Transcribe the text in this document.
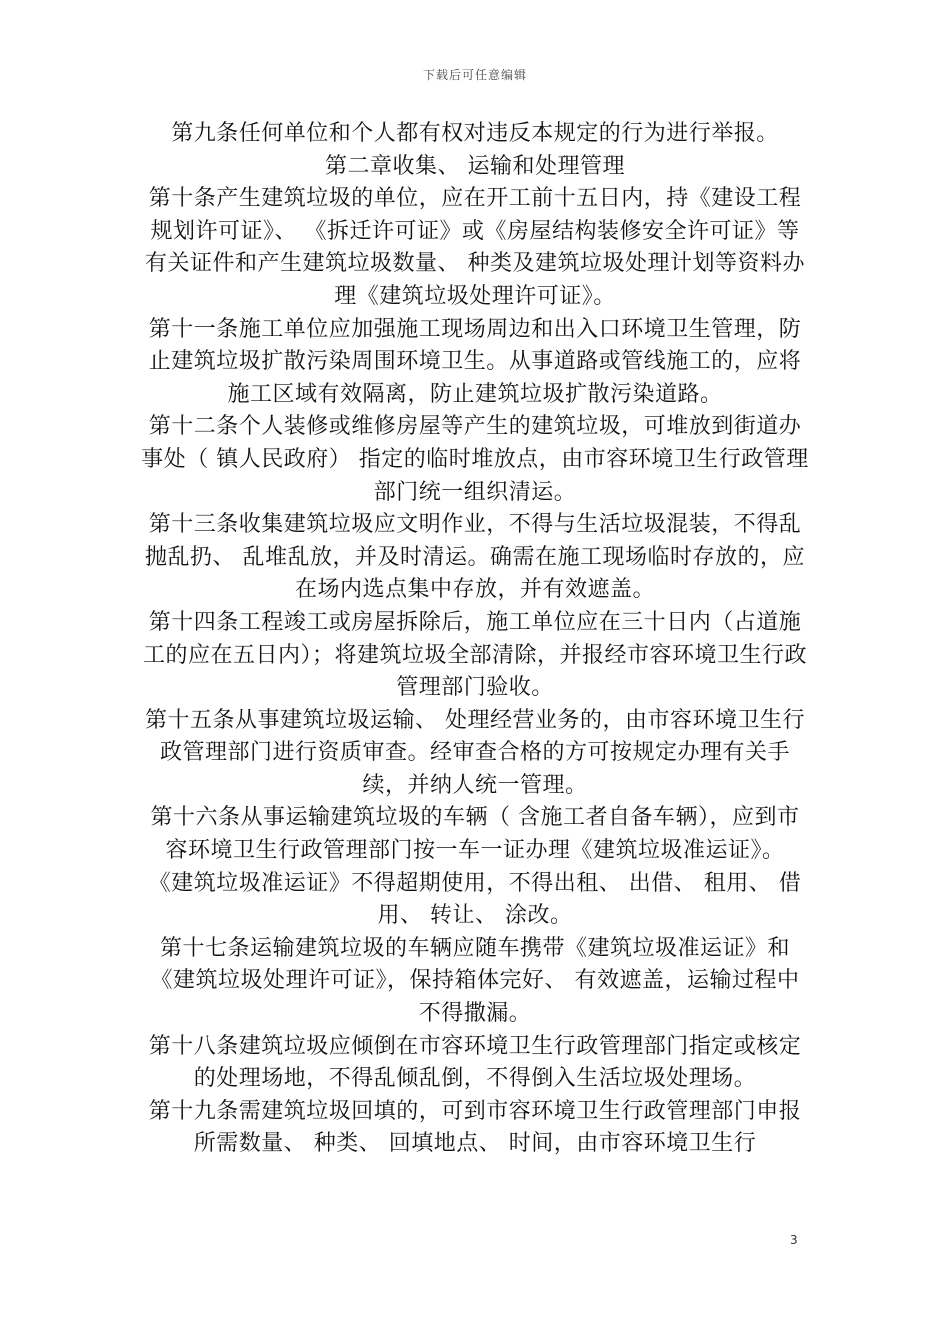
下载后可任意编辑

第九条任何单位和个人都有权对违反本规定的行为进行举报。

第二章收集、 运输和处理管理

第十条产生建筑垃圾的单位，应在开工前十五日内，持《建设工程规划许可证》、 《拆迁许可证》或《房屋结构装修安全许可证》等有关证件和产生建筑垃圾数量、 种类及建筑垃圾处理计划等资料办理《建筑垃圾处理许可证》。

第十一条施工单位应加强施工现场周边和出入口环境卫生管理，防止建筑垃圾扩散污染周围环境卫生。从事道路或管线施工的，应将施工区域有效隔离，防止建筑垃圾扩散污染道路。

第十二条个人装修或维修房屋等产生的建筑垃圾，可堆放到街道办事处（ 镇人民政府） 指定的临时堆放点，由市容环境卫生行政管理部门统一组织清运。

第十三条收集建筑垃圾应文明作业，不得与生活垃圾混装，不得乱抛乱扔、 乱堆乱放，并及时清运。确需在施工现场临时存放的，应在场内选点集中存放，并有效遮盖。

第十四条工程竣工或房屋拆除后，施工单位应在三十日内（占道施工的应在五日内）；将建筑垃圾全部清除，并报经市容环境卫生行政管理部门验收。

第十五条从事建筑垃圾运输、 处理经营业务的，由市容环境卫生行政管理部门进行资质审查。经审查合格的方可按规定办理有关手续，并纳人统一管理。

第十六条从事运输建筑垃圾的车辆（ 含施工者自备车辆），应到市容环境卫生行政管理部门按一车一证办理《建筑垃圾准运证》。

《建筑垃圾准运证》不得超期使用，不得出租、 出借、 租用、 借用、 转让、 涂改。

第十七条运输建筑垃圾的车辆应随车携带《建筑垃圾准运证》和《建筑垃圾处理许可证》，保持箱体完好、 有效遮盖，运输过程中不得撒漏。

第十八条建筑垃圾应倾倒在市容环境卫生行政管理部门指定或核定的处理场地，不得乱倾乱倒，不得倒入生活垃圾处理场。

第十九条需建筑垃圾回填的，可到市容环境卫生行政管理部门申报所需数量、 种类、 回填地点、 时间，由市容环境卫生行

3
